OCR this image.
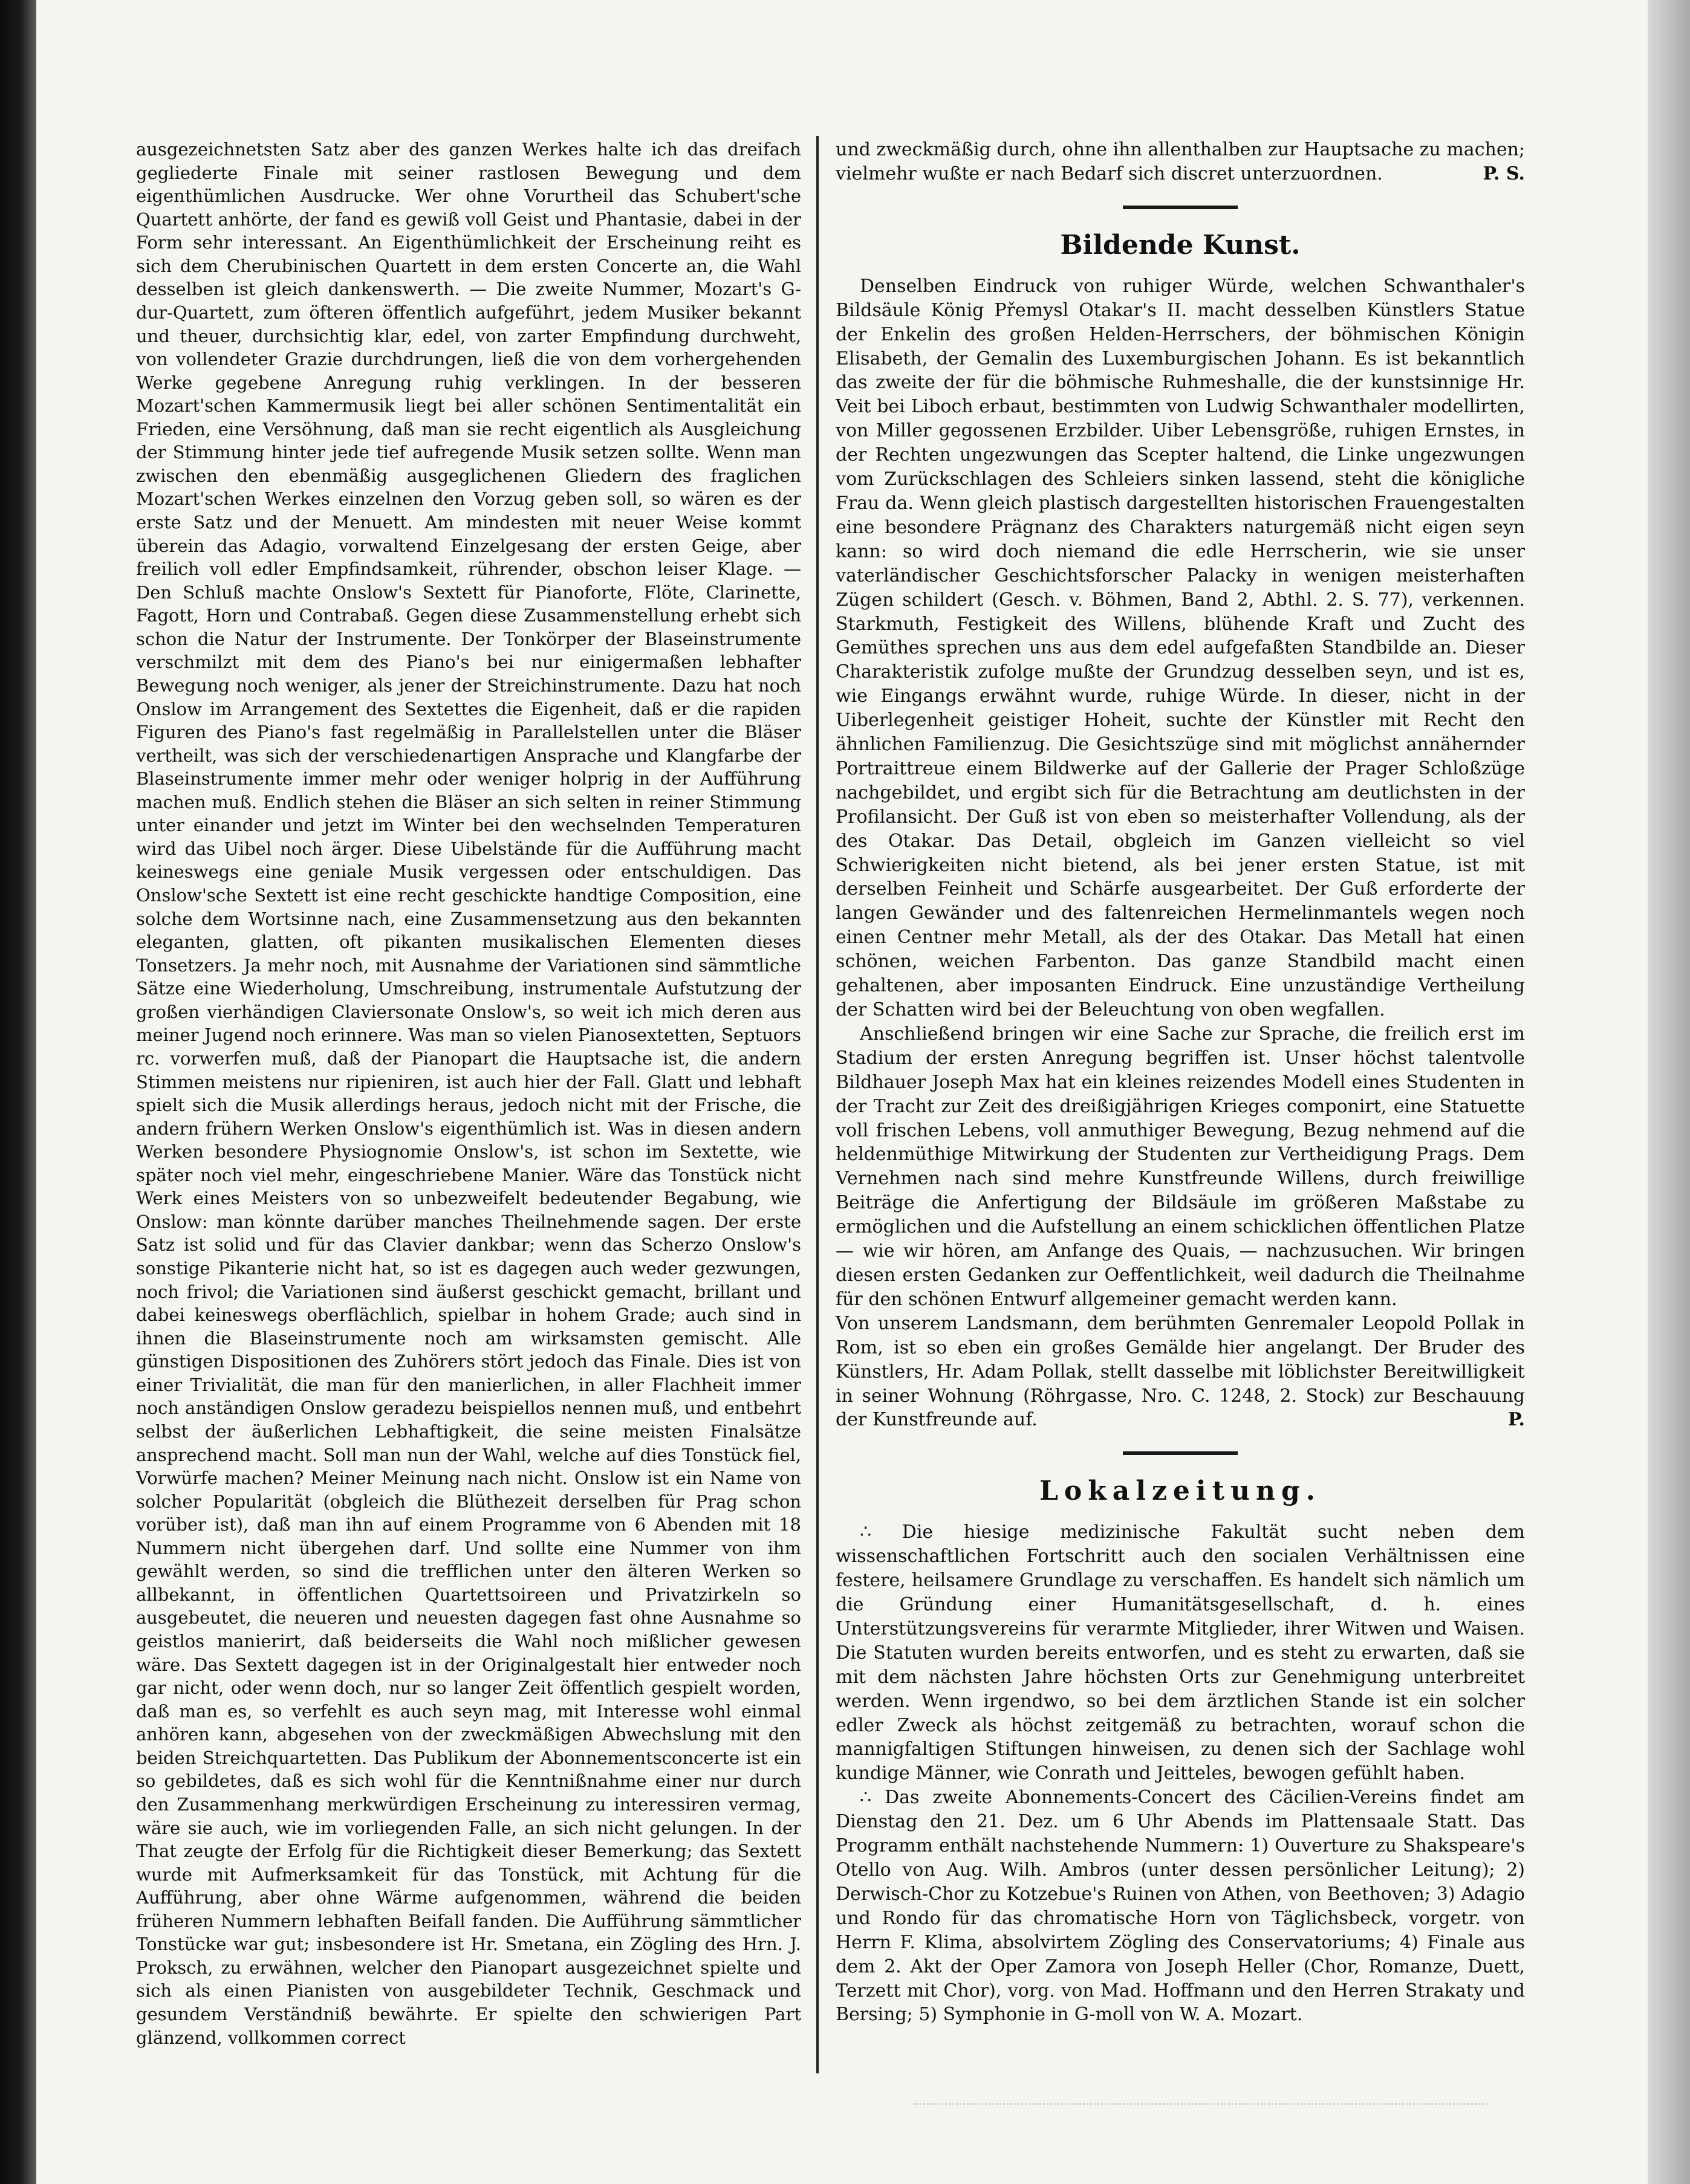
ausgezeichnetsten Satz aber des ganzen Werkes halte ich das dreifach gegliederte Finale mit seiner rastlosen Bewegung und dem eigenthümlichen Ausdrucke. Wer ohne Vorurtheil das Schubert'sche Quartett anhörte, der fand es gewiß voll Geist und Phantasie, dabei in der Form sehr interessant. An Eigenthümlichkeit der Erscheinung reiht es sich dem Cherubinischen Quartett in dem ersten Concerte an, die Wahl desselben ist gleich dankenswerth. — Die zweite Nummer, Mozart's G-dur-Quartett, zum öfteren öffentlich aufgeführt, jedem Musiker bekannt und theuer, durchsichtig klar, edel, von zarter Empfindung durchweht, von vollendeter Grazie durchdrungen, ließ die von dem vorhergehenden Werke gegebene Anregung ruhig verklingen. In der besseren Mozart'schen Kammermusik liegt bei aller schönen Sentimentalität ein Frieden, eine Versöhnung, daß man sie recht eigentlich als Ausgleichung der Stimmung hinter jede tief aufregende Musik setzen sollte. Wenn man zwischen den ebenmäßig ausgeglichenen Gliedern des fraglichen Mozart'schen Werkes einzelnen den Vorzug geben soll, so wären es der erste Satz und der Menuett. Am mindesten mit neuer Weise kommt überein das Adagio, vorwaltend Einzelgesang der ersten Geige, aber freilich voll edler Empfindsamkeit, rührender, obschon leiser Klage. — Den Schluß machte Onslow's Sextett für Pianoforte, Flöte, Clarinette, Fagott, Horn und Contrabaß. Gegen diese Zusammenstellung erhebt sich schon die Natur der Instrumente. Der Tonkörper der Blaseinstrumente verschmilzt mit dem des Piano's bei nur einigermaßen lebhafter Bewegung noch weniger, als jener der Streichinstrumente. Dazu hat noch Onslow im Arrangement des Sextettes die Eigenheit, daß er die rapiden Figuren des Piano's fast regelmäßig in Parallelstellen unter die Bläser vertheilt, was sich der verschiedenartigen Ansprache und Klangfarbe der Blaseinstrumente immer mehr oder weniger holprig in der Aufführung machen muß. Endlich stehen die Bläser an sich selten in reiner Stimmung unter einander und jetzt im Winter bei den wechselnden Temperaturen wird das Uibel noch ärger. Diese Uibelstände für die Aufführung macht keineswegs eine geniale Musik vergessen oder entschuldigen. Das Onslow'sche Sextett ist eine recht geschickte handtige Composition, eine solche dem Wortsinne nach, eine Zusammensetzung aus den bekannten eleganten, glatten, oft pikanten musikalischen Elementen dieses Tonsetzers. Ja mehr noch, mit Ausnahme der Variationen sind sämmtliche Sätze eine Wiederholung, Umschreibung, instrumentale Aufstutzung der großen vierhändigen Claviersonate Onslow's, so weit ich mich deren aus meiner Jugend noch erinnere. Was man so vielen Pianosextetten, Septuors rc. vorwerfen muß, daß der Pianopart die Hauptsache ist, die andern Stimmen meistens nur ripieniren, ist auch hier der Fall. Glatt und lebhaft spielt sich die Musik allerdings heraus, jedoch nicht mit der Frische, die andern frühern Werken Onslow's eigenthümlich ist. Was in diesen andern Werken besondere Physiognomie Onslow's, ist schon im Sextette, wie später noch viel mehr, eingeschriebene Manier. Wäre das Tonstück nicht Werk eines Meisters von so unbezweifelt bedeutender Begabung, wie Onslow: man könnte darüber manches Theilnehmende sagen. Der erste Satz ist solid und für das Clavier dankbar; wenn das Scherzo Onslow's sonstige Pikanterie nicht hat, so ist es dagegen auch weder gezwungen, noch frivol; die Variationen sind äußerst geschickt gemacht, brillant und dabei keineswegs oberflächlich, spielbar in hohem Grade; auch sind in ihnen die Blaseinstrumente noch am wirksamsten gemischt. Alle günstigen Dispositionen des Zuhörers stört jedoch das Finale. Dies ist von einer Trivialität, die man für den manierlichen, in aller Flachheit immer noch anständigen Onslow geradezu beispiellos nennen muß, und entbehrt selbst der äußerlichen Lebhaftigkeit, die seine meisten Finalsätze ansprechend macht. Soll man nun der Wahl, welche auf dies Tonstück fiel, Vorwürfe machen? Meiner Meinung nach nicht. Onslow ist ein Name von solcher Popularität (obgleich die Blüthezeit derselben für Prag schon vorüber ist), daß man ihn auf einem Programme von 6 Abenden mit 18 Nummern nicht übergehen darf. Und sollte eine Nummer von ihm gewählt werden, so sind die trefflichen unter den älteren Werken so allbekannt, in öffentlichen Quartettsoireen und Privatzirkeln so ausgebeutet, die neueren und neuesten dagegen fast ohne Ausnahme so geistlos manierirt, daß beiderseits die Wahl noch mißlicher gewesen wäre. Das Sextett dagegen ist in der Originalgestalt hier entweder noch gar nicht, oder wenn doch, nur so langer Zeit öffentlich gespielt worden, daß man es, so verfehlt es auch seyn mag, mit Interesse wohl einmal anhören kann, abgesehen von der zweckmäßigen Abwechslung mit den beiden Streichquartetten. Das Publikum der Abonnementsconcerte ist ein so gebildetes, daß es sich wohl für die Kenntnißnahme einer nur durch den Zusammenhang merkwürdigen Erscheinung zu interessiren vermag, wäre sie auch, wie im vorliegenden Falle, an sich nicht gelungen. In der That zeugte der Erfolg für die Richtigkeit dieser Bemerkung; das Sextett wurde mit Aufmerksamkeit für das Tonstück, mit Achtung für die Aufführung, aber ohne Wärme aufgenommen, während die beiden früheren Nummern lebhaften Beifall fanden. Die Aufführung sämmtlicher Tonstücke war gut; insbesondere ist Hr. Smetana, ein Zögling des Hrn. J. Proksch, zu erwähnen, welcher den Pianopart ausgezeichnet spielte und sich als einen Pianisten von ausgebildeter Technik, Geschmack und gesundem Verständniß bewährte. Er spielte den schwierigen Part glänzend, vollkommen correct

und zweckmäßig durch, ohne ihn allenthalben zur Hauptsache zu machen; vielmehr wußte er nach Bedarf sich discret unterzuordnen.	P. S.

Bildende Kunst.

Denselben Eindruck von ruhiger Würde, welchen Schwanthaler's Bildsäule König Přemysl Otakar's II. macht desselben Künstlers Statue der Enkelin des großen Helden-Herrschers, der böhmischen Königin Elisabeth, der Gemalin des Luxemburgischen Johann. Es ist bekanntlich das zweite der für die böhmische Ruhmeshalle, die der kunstsinnige Hr. Veit bei Liboch erbaut, bestimmten von Ludwig Schwanthaler modellirten, von Miller gegossenen Erzbilder. Uiber Lebensgröße, ruhigen Ernstes, in der Rechten ungezwungen das Scepter haltend, die Linke ungezwungen vom Zurückschlagen des Schleiers sinken lassend, steht die königliche Frau da. Wenn gleich plastisch dargestellten historischen Frauengestalten eine besondere Prägnanz des Charakters naturgemäß nicht eigen seyn kann: so wird doch niemand die edle Herrscherin, wie sie unser vaterländischer Geschichtsforscher Palacky in wenigen meisterhaften Zügen schildert (Gesch. v. Böhmen, Band 2, Abthl. 2. S. 77), verkennen. Starkmuth, Festigkeit des Willens, blühende Kraft und Zucht des Gemüthes sprechen uns aus dem edel aufgefaßten Standbilde an. Dieser Charakteristik zufolge mußte der Grundzug desselben seyn, und ist es, wie Eingangs erwähnt wurde, ruhige Würde. In dieser, nicht in der Uiberlegenheit geistiger Hoheit, suchte der Künstler mit Recht den ähnlichen Familienzug. Die Gesichtszüge sind mit möglichst annähernder Portraittreue einem Bildwerke auf der Gallerie der Prager Schloßzüge nachgebildet, und ergibt sich für die Betrachtung am deutlichsten in der Profilansicht. Der Guß ist von eben so meisterhafter Vollendung, als der des Otakar. Das Detail, obgleich im Ganzen vielleicht so viel Schwierigkeiten nicht bietend, als bei jener ersten Statue, ist mit derselben Feinheit und Schärfe ausgearbeitet. Der Guß erforderte der langen Gewänder und des faltenreichen Hermelinmantels wegen noch einen Centner mehr Metall, als der des Otakar. Das Metall hat einen schönen, weichen Farbenton. Das ganze Standbild macht einen gehaltenen, aber imposanten Eindruck. Eine unzuständige Vertheilung der Schatten wird bei der Beleuchtung von oben wegfallen.

Anschließend bringen wir eine Sache zur Sprache, die freilich erst im Stadium der ersten Anregung begriffen ist. Unser höchst talentvolle Bildhauer Joseph Max hat ein kleines reizendes Modell eines Studenten in der Tracht zur Zeit des dreißigjährigen Krieges componirt, eine Statuette voll frischen Lebens, voll anmuthiger Bewegung, Bezug nehmend auf die heldenmüthige Mitwirkung der Studenten zur Vertheidigung Prags. Dem Vernehmen nach sind mehre Kunstfreunde Willens, durch freiwillige Beiträge die Anfertigung der Bildsäule im größeren Maßstabe zu ermöglichen und die Aufstellung an einem schicklichen öffentlichen Platze — wie wir hören, am Anfange des Quais, — nachzusuchen. Wir bringen diesen ersten Gedanken zur Oeffentlichkeit, weil dadurch die Theilnahme für den schönen Entwurf allgemeiner gemacht werden kann.

Von unserem Landsmann, dem berühmten Genremaler Leopold Pollak in Rom, ist so eben ein großes Gemälde hier angelangt. Der Bruder des Künstlers, Hr. Adam Pollak, stellt dasselbe mit löblichster Bereitwilligkeit in seiner Wohnung (Röhrgasse, Nro. C. 1248, 2. Stock) zur Beschauung der Kunstfreunde auf.	P.

Lokalzeitung.

∴ Die hiesige medizinische Fakultät sucht neben dem wissenschaftlichen Fortschritt auch den socialen Verhältnissen eine festere, heilsamere Grundlage zu verschaffen. Es handelt sich nämlich um die Gründung einer Humanitätsgesellschaft, d. h. eines Unterstützungsvereins für verarmte Mitglieder, ihrer Witwen und Waisen. Die Statuten wurden bereits entworfen, und es steht zu erwarten, daß sie mit dem nächsten Jahre höchsten Orts zur Genehmigung unterbreitet werden. Wenn irgendwo, so bei dem ärztlichen Stande ist ein solcher edler Zweck als höchst zeitgemäß zu betrachten, worauf schon die mannigfaltigen Stiftungen hinweisen, zu denen sich der Sachlage wohl kundige Männer, wie Conrath und Jeitteles, bewogen gefühlt haben.

∴ Das zweite Abonnements-Concert des Cäcilien-Vereins findet am Dienstag den 21. Dez. um 6 Uhr Abends im Plattensaale Statt. Das Programm enthält nachstehende Nummern: 1) Ouverture zu Shakspeare's Otello von Aug. Wilh. Ambros (unter dessen persönlicher Leitung); 2) Derwisch-Chor zu Kotzebue's Ruinen von Athen, von Beethoven; 3) Adagio und Rondo für das chromatische Horn von Täglichsbeck, vorgetr. von Herrn F. Klima, absolvirtem Zögling des Conservatoriums; 4) Finale aus dem 2. Akt der Oper Zamora von Joseph Heller (Chor, Romanze, Duett, Terzett mit Chor), vorg. von Mad. Hoffmann und den Herren Strakaty und Bersing; 5) Symphonie in G-moll von W. A. Mozart.
